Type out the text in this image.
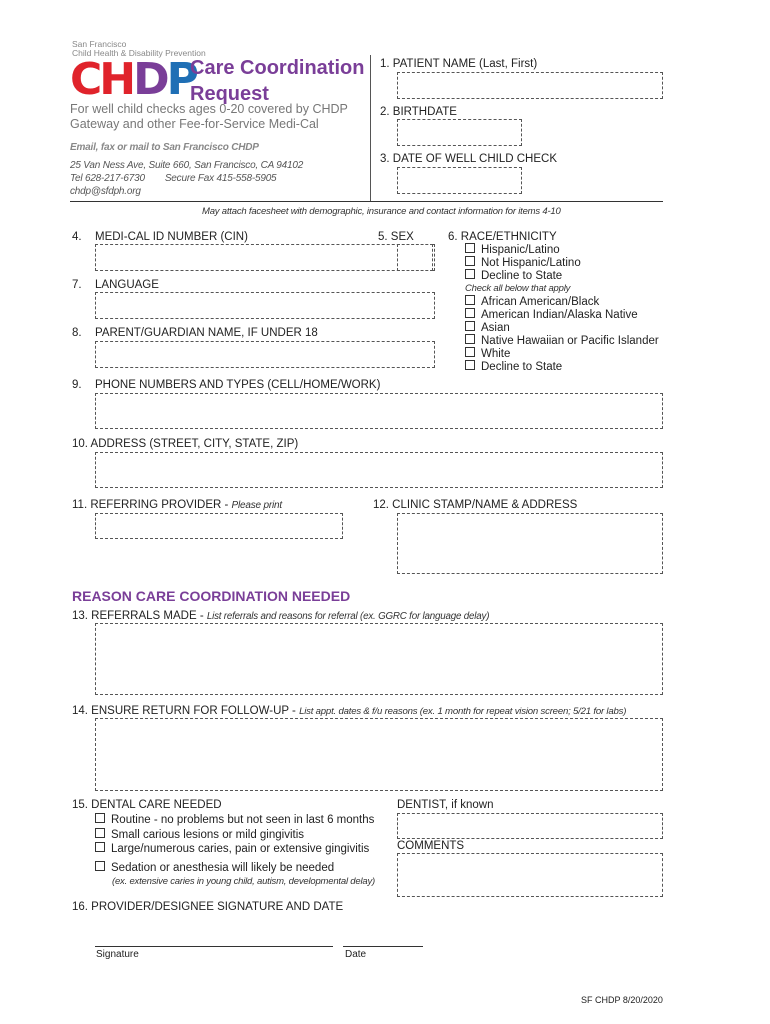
San Francisco
Child Health & Disability Prevention
CHDP
Care Coordination
Request
For well child checks ages 0-20 covered by CHDP
Gateway and other Fee-for-Service Medi-Cal
Email, fax or mail to San Francisco CHDP
25 Van Ness Ave, Suite 660, San Francisco, CA 94102
Tel 628-217-6730 Secure Fax 415-558-5905
chdp@sfdph.org
1. PATIENT NAME (Last, First)
2. BIRTHDATE
3. DATE OF WELL CHILD CHECK
May attach facesheet with demographic, insurance and contact information for items 4-10
4. MEDI-CAL ID NUMBER (CIN)	5. SEX	6. RACE/ETHNICITY
Hispanic/Latino
Not Hispanic/Latino
Decline to State
Check all below that apply
African American/Black
American Indian/Alaska Native
Asian
Native Hawaiian or Pacific Islander
White
Decline to State
7. LANGUAGE
8. PARENT/GUARDIAN NAME, IF UNDER 18
9. PHONE NUMBERS AND TYPES (CELL/HOME/WORK)
10. ADDRESS (STREET, CITY, STATE, ZIP)
11. REFERRING PROVIDER - Please print	12. CLINIC STAMP/NAME & ADDRESS
REASON CARE COORDINATION NEEDED
13. REFERRALS MADE - List referrals and reasons for referral (ex. GGRC for language delay)
14. ENSURE RETURN FOR FOLLOW-UP - List appt. dates & f/u reasons (ex. 1 month for repeat vision screen; 5/21 for labs)
15. DENTAL CARE NEEDED
Routine - no problems but not seen in last 6 months
Small carious lesions or mild gingivitis
Large/numerous caries, pain or extensive gingivitis
Sedation or anesthesia will likely be needed
(ex. extensive caries in young child, autism, developmental delay)
DENTIST, if known
COMMENTS
16. PROVIDER/DESIGNEE SIGNATURE AND DATE
Signature	Date
SF CHDP 8/20/2020
